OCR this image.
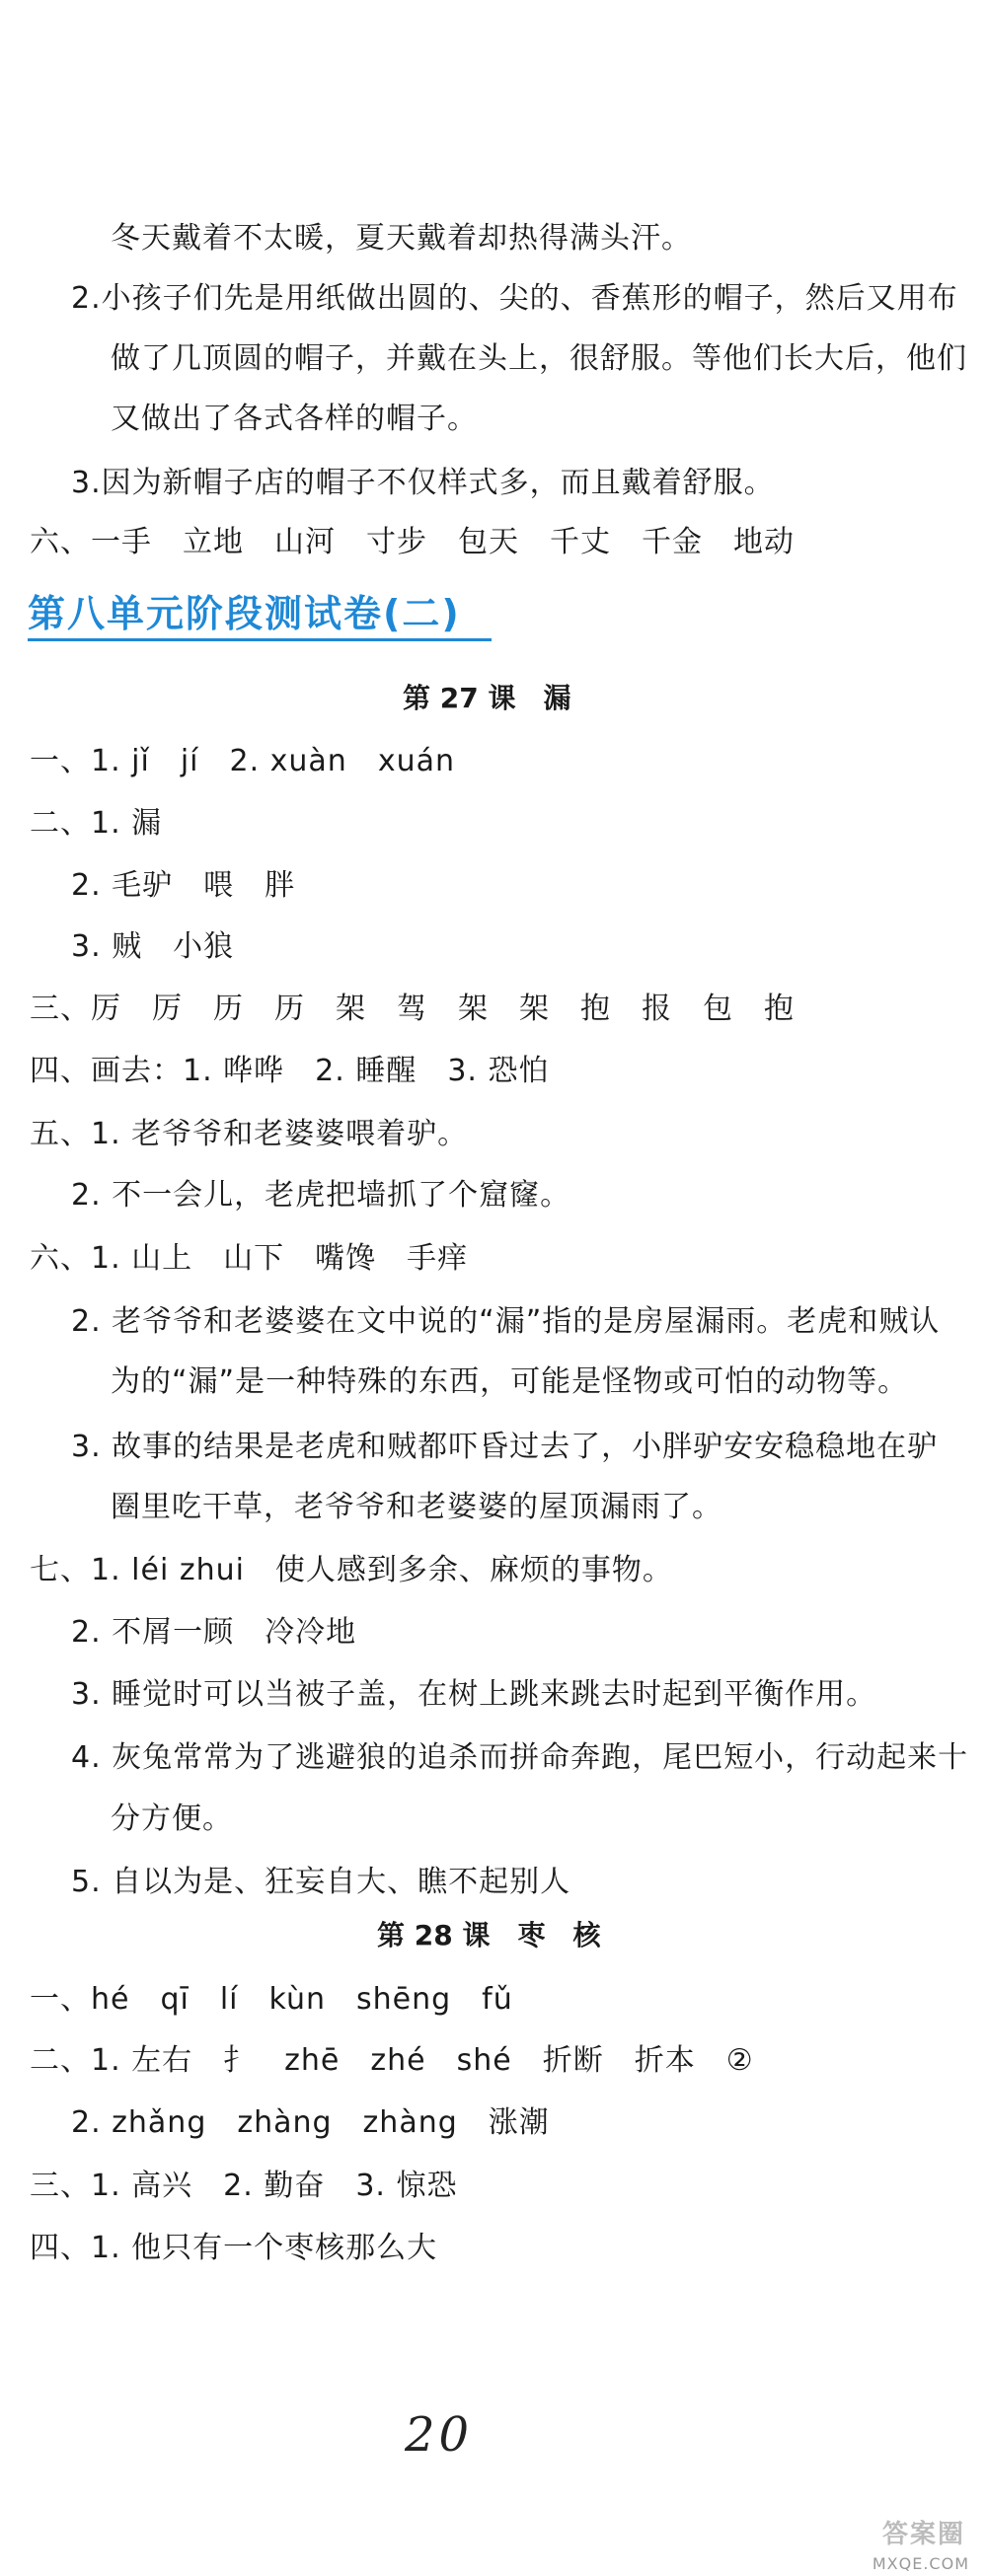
冬天戴着不太暖，夏天戴着却热得满头汗。
2.小孩子们先是用纸做出圆的、尖的、香蕉形的帽子，然后又用布
做了几顶圆的帽子，并戴在头上，很舒服。等他们长大后，他们
又做出了各式各样的帽子。
3.因为新帽子店的帽子不仅样式多，而且戴着舒服。
六、一手　立地　山河　寸步　包天　千丈　千金　地动
第八单元阶段测试卷(二)
第 27 课　漏
一、1. jǐ　jí　2. xuàn　xuán
二、1. 漏
2. 毛驴　喂　胖
3. 贼　小狼
三、厉　厉　历　历　架　驾　架　架　抱　报　包　抱
四、画去：1. 哗哗　2. 睡醒　3. 恐怕
五、1. 老爷爷和老婆婆喂着驴。
2. 不一会儿，老虎把墙抓了个窟窿。
六、1. 山上　山下　嘴馋　手痒
2. 老爷爷和老婆婆在文中说的“漏”指的是房屋漏雨。老虎和贼认
为的“漏”是一种特殊的东西，可能是怪物或可怕的动物等。
3. 故事的结果是老虎和贼都吓昏过去了，小胖驴安安稳稳地在驴
圈里吃干草，老爷爷和老婆婆的屋顶漏雨了。
七、1. léi zhui　使人感到多余、麻烦的事物。
2. 不屑一顾　冷冷地
3. 睡觉时可以当被子盖，在树上跳来跳去时起到平衡作用。
4. 灰兔常常为了逃避狼的追杀而拼命奔跑，尾巴短小，行动起来十
分方便。
5. 自以为是、狂妄自大、瞧不起别人
第 28 课　枣　核
一、hé　qī　lí　kùn　shēng　fǔ
二、1. 左右　扌　zhē　zhé　shé　折断　折本　②
2. zhǎng　zhàng　zhàng　涨潮
三、1. 高兴　2. 勤奋　3. 惊恐
四、1. 他只有一个枣核那么大
20
答案圈
MXQE.COM
